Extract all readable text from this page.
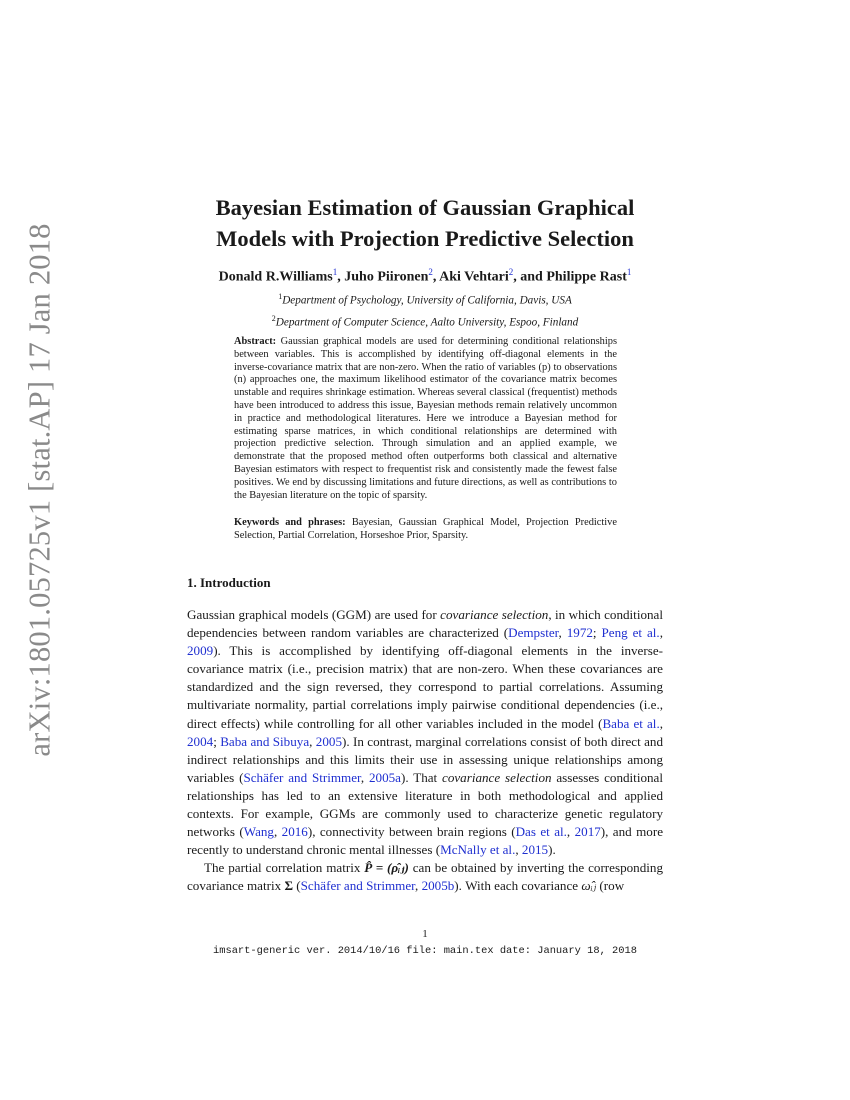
arXiv:1801.05725v1 [stat.AP] 17 Jan 2018
Bayesian Estimation of Gaussian Graphical
Models with Projection Predictive Selection
Donald R.Williams$^1$, Juho Piironen$^2$, Aki Vehtari$^2$, and Philippe Rast$^1$
$^1$Department of Psychology, University of California, Davis, USA
$^2$Department of Computer Science, Aalto University, Espoo, Finland

Abstract: Gaussian graphical models are used for determining conditional relationships between variables. This is accomplished by identifying off-diagonal elements in the inverse-covariance matrix that are non-zero. When the ratio of variables (p) to observations (n) approaches one, the maximum likelihood estimator of the covariance matrix becomes unstable and requires shrinkage estimation. Whereas several classical (frequentist) methods have been introduced to address this issue, Bayesian methods remain relatively uncommon in practice and methodological literatures. Here we introduce a Bayesian method for estimating sparse matrices, in which conditional relationships are determined with projection predictive selection. Through simulation and an applied example, we demonstrate that the proposed method often outperforms both classical and alternative Bayesian estimators with respect to frequentist risk and consistently made the fewest false positives. We end by discussing limitations and future directions, as well as contributions to the Bayesian literature on the topic of sparsity.

Keywords and phrases: Bayesian, Gaussian Graphical Model, Projection Predictive Selection, Partial Correlation, Horseshoe Prior, Sparsity.

1. Introduction

Gaussian graphical models (GGM) are used for covariance selection, in which conditional dependencies between random variables are characterized (Dempster, 1972; Peng et al., 2009). This is accomplished by identifying off-diagonal elements in the inverse-covariance matrix (i.e., precision matrix) that are non-zero. When these covariances are standardized and the sign reversed, they correspond to partial correlations. Assuming multivariate normality, partial correlations imply pairwise conditional dependencies (i.e., direct effects) while controlling for all other variables included in the model (Baba et al., 2004; Baba and Sibuya, 2005). In contrast, marginal correlations consist of both direct and indirect relationships and this limits their use in assessing unique relationships among variables (Schäfer and Strimmer, 2005a). That covariance selection assesses conditional relationships has led to an extensive literature in both methodological and applied contexts. For example, GGMs are commonly used to characterize genetic regulatory networks (Wang, 2016), connectivity between brain regions (Das et al., 2017), and more recently to understand chronic mental illnesses (McNally et al., 2015).

The partial correlation matrix P̂ = (ρ̂ᵢⱼ) can be obtained by inverting the corresponding covariance matrix Σ (Schäfer and Strimmer, 2005b). With each covariance ω̂ᵢⱼ (row

1
imsart-generic ver. 2014/10/16 file: main.tex date: January 18, 2018
